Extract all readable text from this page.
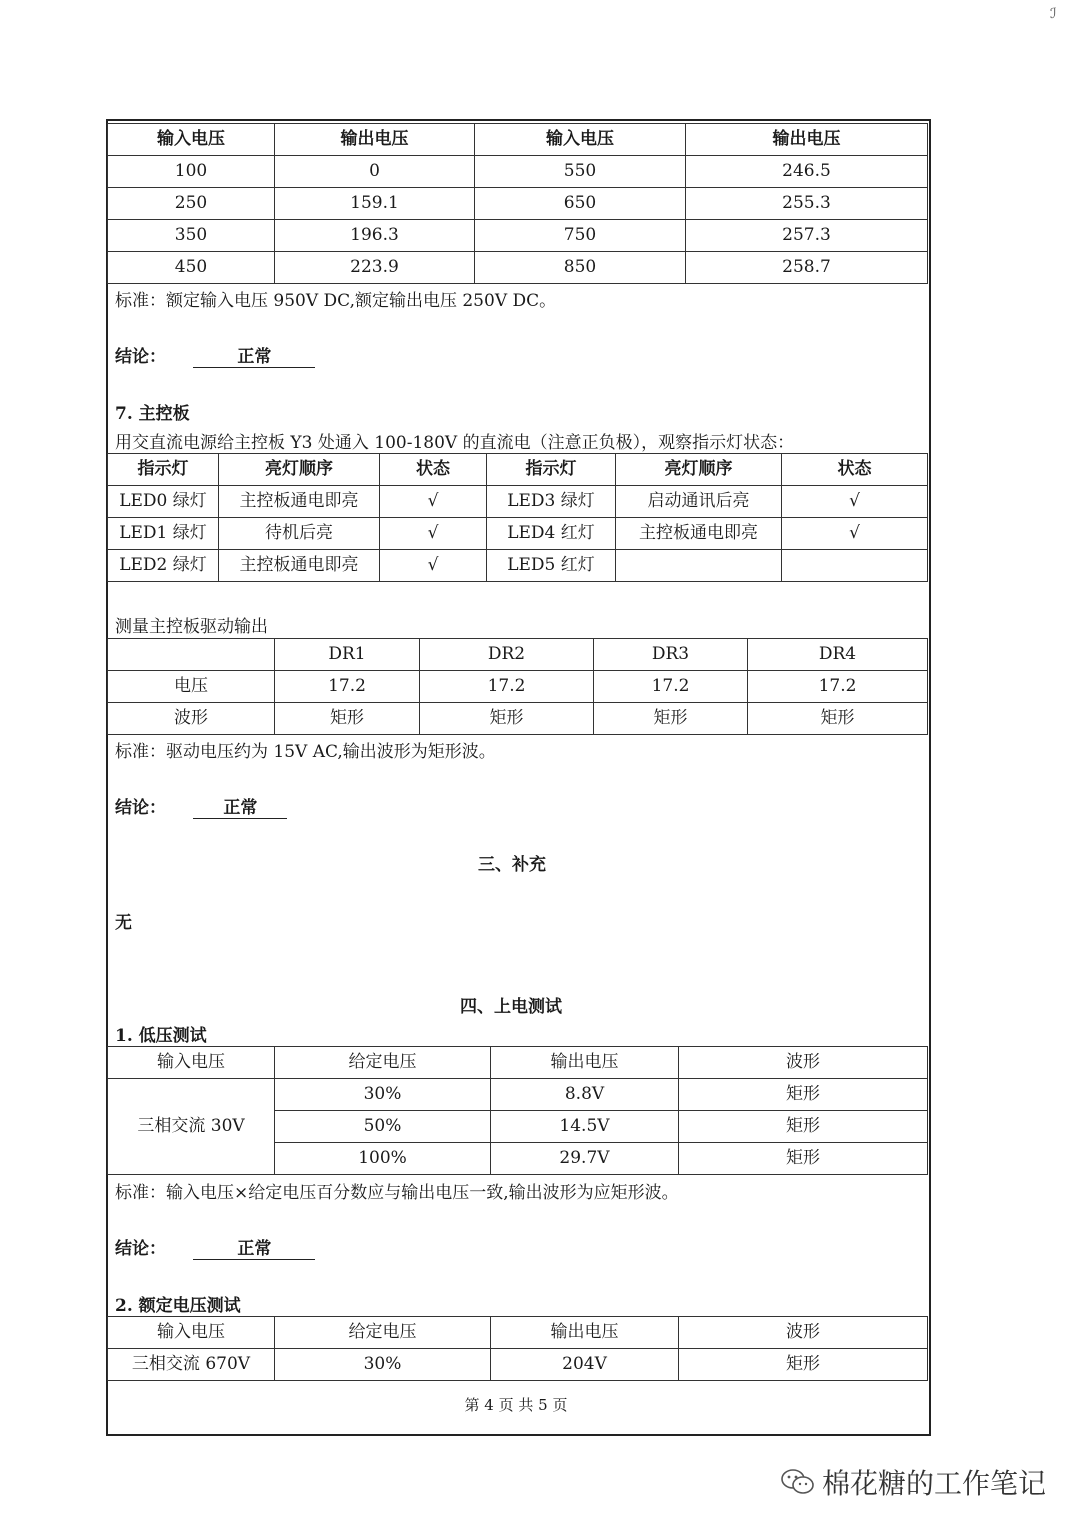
ℐ
输入电压	输出电压	输入电压	输出电压
100	0	550	246.5
250	159.1	650	255.3
350	196.3	750	257.3
450	223.9	850	258.7
标准：额定输入电压 950V DC,额定输出电压 250V DC。
结论：	正常
7. 主控板
用交直流电源给主控板 Y3 处通入 100-180V 的直流电（注意正负极），观察指示灯状态：
指示灯	亮灯顺序	状态	指示灯	亮灯顺序	状态
LED0 绿灯	主控板通电即亮	√	LED3 绿灯	启动通讯后亮	√
LED1 绿灯	待机后亮	√	LED4 红灯	主控板通电即亮	√
LED2 绿灯	主控板通电即亮	√	LED5 红灯		
测量主控板驱动输出
	DR1	DR2	DR3	DR4
电压	17.2	17.2	17.2	17.2
波形	矩形	矩形	矩形	矩形
标准：驱动电压约为 15V AC,输出波形为矩形波。
结论：	正常
三、补充
无
四、上电测试
1. 低压测试
输入电压	给定电压	输出电压	波形
三相交流 30V	30%	8.8V	矩形
	50%	14.5V	矩形
	100%	29.7V	矩形
标准：输入电压×给定电压百分数应与输出电压一致,输出波形为应矩形波。
结论：	正常
2. 额定电压测试
输入电压	给定电压	输出电压	波形
三相交流 670V	30%	204V	矩形
第 4 页 共 5 页
棉花糖的工作笔记
